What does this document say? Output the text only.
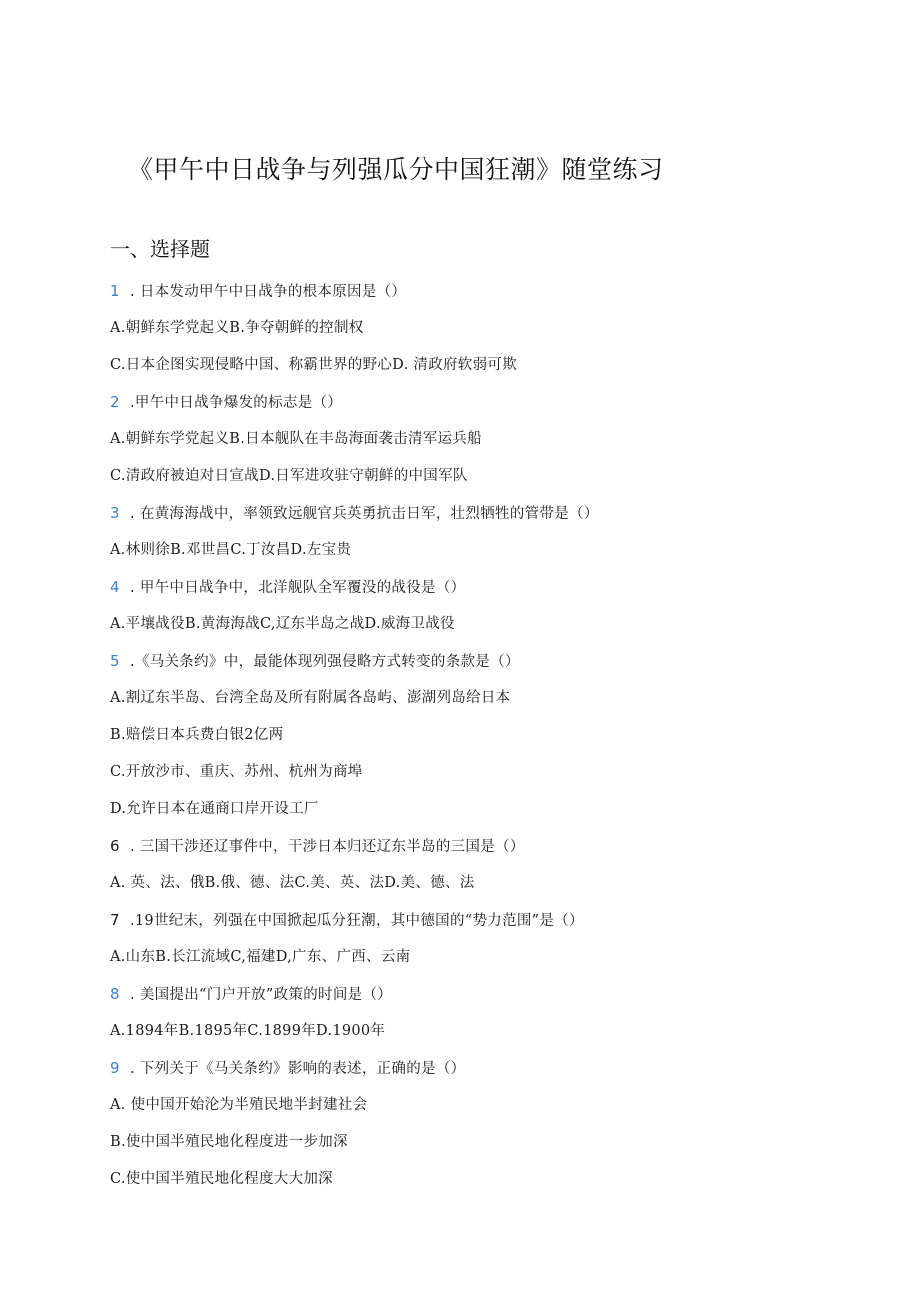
《甲午中日战争与列强瓜分中国狂潮》随堂练习
一、选择题
1 . 日本发动甲午中日战争的根本原因是（）
A.朝鲜东学党起义B.争夺朝鲜的控制权
C.日本企图实现侵略中国、称霸世界的野心D. 清政府软弱可欺
2 .甲午中日战争爆发的标志是（）
A.朝鲜东学党起义B.日本舰队在丰岛海面袭击清军运兵船
C.清政府被迫对日宣战D.日军进攻驻守朝鲜的中国军队
3 . 在黄海海战中，率领致远舰官兵英勇抗击日军，壮烈牺牲的管带是（）
A.林则徐B.邓世昌C.丁汝昌D.左宝贵
4 . 甲午中日战争中，北洋舰队全军覆没的战役是（）
A.平壤战役B.黄海海战C,辽东半岛之战D.威海卫战役
5 .《马关条约》中，最能体现列强侵略方式转变的条款是（）
A.割辽东半岛、台湾全岛及所有附属各岛屿、澎湖列岛给日本
B.赔偿日本兵费白银2亿两
C.开放沙市、重庆、苏州、杭州为商埠
D.允许日本在通商口岸开设工厂
6 . 三国干涉还辽事件中，干涉日本归还辽东半岛的三国是（）
A. 英、法、俄B.俄、德、法C.美、英、法D.美、德、法
7 .19世纪末，列强在中国掀起瓜分狂潮，其中德国的“势力范围”是（）
A.山东B.长江流域C,福建D,广东、广西、云南
8 . 美国提出“门户开放”政策的时间是（）
A.1894年B.1895年C.1899年D.1900年
9 . 下列关于《马关条约》影响的表述，正确的是（）
A. 使中国开始沦为半殖民地半封建社会
B.使中国半殖民地化程度进一步加深
C.使中国半殖民地化程度大大加深
